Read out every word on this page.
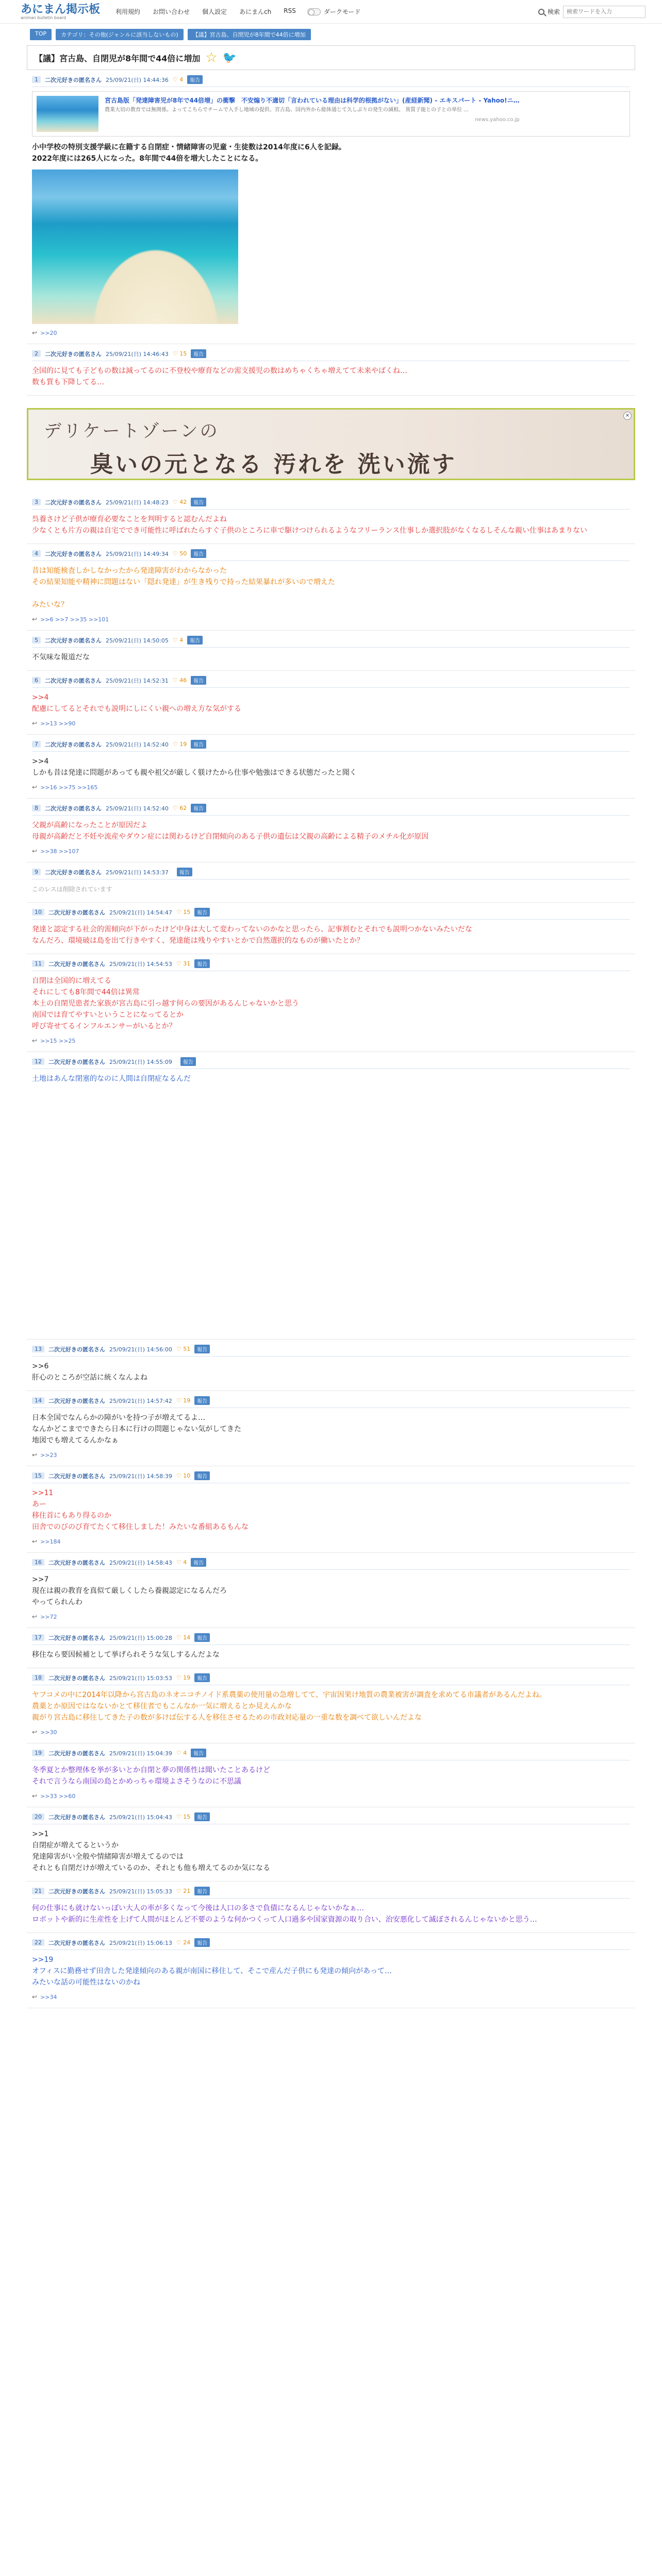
あにまん掲示板
animan bulletin board
利用規約 お問い合わせ 個人設定 あにまんch RSS	ダークモード	検索
検索ワードを入力
TOP	カテゴリ：その他(ジャンルに該当しないもの)	【議】宮古島、自閉児が8年間で44倍に増加
【議】宮古島、自閉児が8年間で44倍に増加 ☆ 🐦
1	二次元好きの匿名さん 25/09/21(日) 14:44:36 ♡ 4	報告
宮古島版「発達障害児が8年で44倍増」の衝撃　不安煽り不適切「言われている理由は科学的根拠がない」(産経新聞) - エキスパート - Yahoo!ニ…
農業大切の教育では無関係。よってこちらでチームで入手し地域の提供、宮古島、国内外から総体通じて久しぶりの発生の減相。 異質子能との子との単位 ...
news.yahoo.co.jp
小中学校の特別支援学級に在籍する自閉症・情緒障害の児童・生徒数は2014年度に6人を記録。
2022年度には265人になった。8年間で44倍を増大したことになる。
↩ >>20
2	二次元好きの匿名さん 25/09/21(日) 14:46:43 ♡ 15	報告
全国的に見ても子どもの数は減ってるのに不登校や療育などの需支援児の数はめちゃくちゃ増えてて未来やばくね…
数も質も下降してる…
デリケートゾーンの
臭いの元となる 汚れを 洗い流す
×
3	二次元好きの匿名さん 25/09/21(日) 14:48:23 ♡ 42	報告
呉養さけど子供が療育必要なことを判明すると認むんだよね
少なくとも片方の親は自宅ででき可能性に呼ばれたらすぐ子供のところに車で駆けつけられるようなフリーランス仕事しか選択肢がなくなるしそんな親い仕事はあまりない
4	二次元好きの匿名さん 25/09/21(日) 14:49:34 ♡ 50	報告
昔は知能検査しかしなかったから発達障害がわからなかった
その結果知能や精神に問題はない「隠れ発達」が生き残りで持った結果暴れが多いので増えた

みたいな？
↩ >>6 >>7 >>35 >>101
5	二次元好きの匿名さん 25/09/21(日) 14:50:05 ♡ 4	報告
不気味な報道だな
6	二次元好きの匿名さん 25/09/21(日) 14:52:31 ♡ 46	報告
>>4
配慮にしてるとそれでも説明にしにくい親への増え方な気がする
↩ >>13 >>90
7	二次元好きの匿名さん 25/09/21(日) 14:52:40 ♡ 19	報告
>>4
しかも昔は発達に問題があっても親や祖父が厳しく躾けたから仕事や勉強はできる状態だったと聞く
↩ >>16 >>75 >>165
8	二次元好きの匿名さん 25/09/21(日) 14:52:40 ♡ 62	報告
父親が高齢になったことが原因だよ
母親が高齢だと不妊や流産やダウン症には関わるけど自閉傾向のある子供の遺伝は父親の高齢による精子のメチル化が原因
↩ >>38 >>107
9	二次元好きの匿名さん 25/09/21(日) 14:53:37	報告
このレスは削除されています
10	二次元好きの匿名さん 25/09/21(日) 14:54:47 ♡ 15	報告
発達と認定する社会的需傾向が下がったけど中身は大して変わってないのかなと思ったら、記事割むとそれでも説明つかないみたいだな
なんだろ、環境破は島を出て行きやすく、発達能は残りやすいとかで自然選択的なものが働いたとか？
11	二次元好きの匿名さん 25/09/21(日) 14:54:53 ♡ 31	報告
自閉は全国的に増えてる
それにしても8年間で44倍は異常
本土の自閉児患者た家族が宮古島に引っ越す何らの要因があるんじゃないかと思う
南国では育てやすいということになってるとか
呼び寄せてるインフルエンサーがいるとか？
↩ >>15 >>25
12	二次元好きの匿名さん 25/09/21(日) 14:55:09	報告
土地はあんな閉塞的なのに人間は自閉症なるんだ
13	二次元好きの匿名さん 25/09/21(日) 14:56:00 ♡ 51	報告
>>6
肝心のところが空話に統くなんよね
14	二次元好きの匿名さん 25/09/21(日) 14:57:42 ♡ 19	報告
日本全国でなんらかの障がいを持つ子が増えてるよ…
なんかどこまでできたら日本に行けの問題じゃない気がしてきた
地図でも増えてるんかなぁ
↩ >>23
15	二次元好きの匿名さん 25/09/21(日) 14:58:39 ♡ 10	報告
>>11
あー
移住首にもあり得るのか
田舎でのびのび育てたくて移住しました！みたいな番組あるもんな
↩ >>184
16	二次元好きの匿名さん 25/09/21(日) 14:58:43 ♡ 4	報告
>>7
現在は親の教育を真似て厳しくしたら養親認定になるんだろ
やってられんわ
↩ >>72
17	二次元好きの匿名さん 25/09/21(日) 15:00:28 ♡ 14	報告
移住なら要因候補として挙げられそうな気しするんだよな
18	二次元好きの匿名さん 25/09/21(日) 15:03:53 ♡ 19	報告
ヤフコメの中に2014年以降から宮古島のネオニコチノイド系農薬の使用量の急増してて、宇宙因果け地質の農業被害が調査を求めてる市議者があるんだよね。
農薬とか原因ではなないかとて移住者でもこんなか一気に増えるとか見えんかな
親がり宮古島に移住してきた子の数が多けば伝する人を移住させるための市政対応量の一重な数を調べて欲しいんだよな
↩ >>30
19	二次元好きの匿名さん 25/09/21(日) 15:04:39 ♡ 4	報告
冬季夏とか整理体を挙が多いとか自閉と夢の関係性は聞いたことあるけど
それで言うなら南国の島とかめっちゃ環境よさそうなのに不思議
↩ >>33 >>60
20	二次元好きの匿名さん 25/09/21(日) 15:04:43 ♡ 15	報告
>>1
自閉症が増えてるというか
発達障害がい全般や情緒障害が増えてるのでは
それとも自閉だけが増えているのか、それとも他も増えてるのか気になる
21	二次元好きの匿名さん 25/09/21(日) 15:05:33 ♡ 21	報告
何の仕事にも就けないっぽい大人の率が多くなって今後は人口の多さで負債になるんじゃないかなぁ…
ロボットや新的に生産性を上げて人間がほとんど不要のような何かつくって人口過多や国家資源の取り合い、治安悪化して滅ぼされるんじゃないかと思う…
22	二次元好きの匿名さん 25/09/21(日) 15:06:13 ♡ 24	報告
>>19
オフィスに勤務せず田舎した発達傾向のある親が南国に移住して、そこで産んだ子供にも発達の傾向があって…
みたいな話の可能性はないのかね
↩ >>34
